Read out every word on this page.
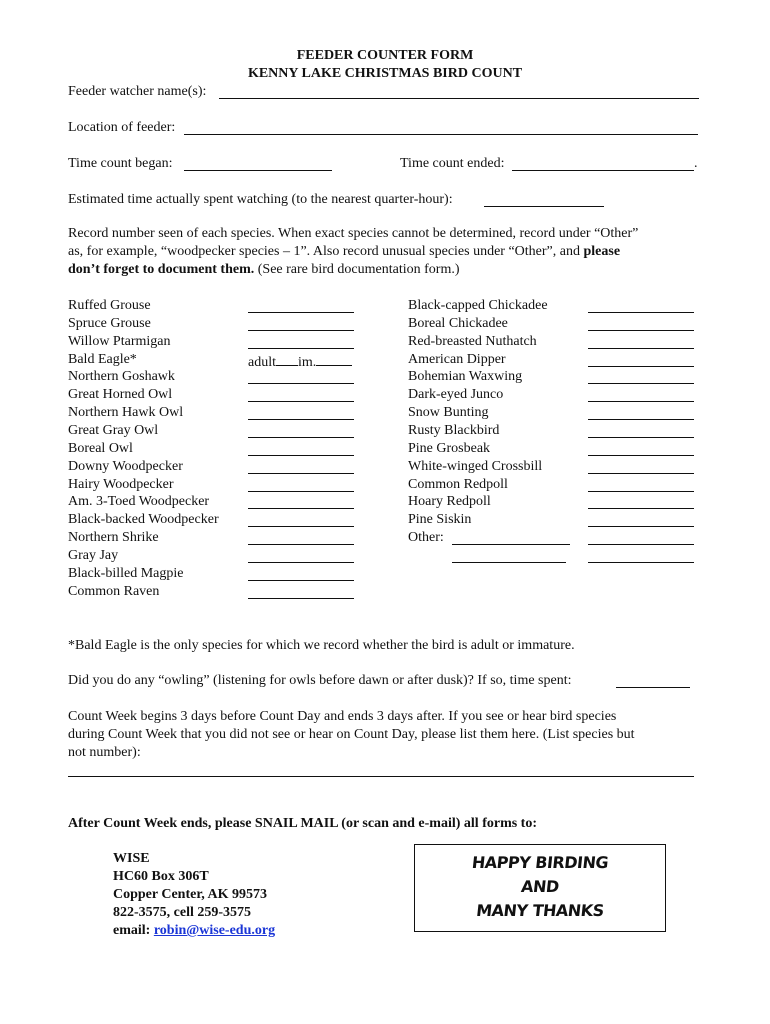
FEEDER COUNTER FORM
KENNY LAKE CHRISTMAS BIRD COUNT
Feeder watcher name(s):
Location of feeder:
Time count began:	Time count ended:	.
Estimated time actually spent watching (to the nearest quarter-hour):
Record number seen of each species. When exact species cannot be determined, record under “Other”
as, for example, “woodpecker species – 1”. Also record unusual species under “Other”, and please
don’t forget to document them. (See rare bird documentation form.)
Ruffed Grouse
Spruce Grouse
Willow Ptarmigan
Bald Eagle*	adult im.
Northern Goshawk
Great Horned Owl
Northern Hawk Owl
Great Gray Owl
Boreal Owl
Downy Woodpecker
Hairy Woodpecker
Am. 3-Toed Woodpecker
Black-backed Woodpecker
Northern Shrike
Gray Jay
Black-billed Magpie
Common Raven
Black-capped Chickadee
Boreal Chickadee
Red-breasted Nuthatch
American Dipper
Bohemian Waxwing
Dark-eyed Junco
Snow Bunting
Rusty Blackbird
Pine Grosbeak
White-winged Crossbill
Common Redpoll
Hoary Redpoll
Pine Siskin
Other:
*Bald Eagle is the only species for which we record whether the bird is adult or immature.
Did you do any “owling” (listening for owls before dawn or after dusk)? If so, time spent:
Count Week begins 3 days before Count Day and ends 3 days after. If you see or hear bird species
during Count Week that you did not see or hear on Count Day, please list them here. (List species but
not number):
After Count Week ends, please SNAIL MAIL (or scan and e-mail) all forms to:
WISE
HC60 Box 306T
Copper Center, AK 99573
822-3575, cell 259-3575
email: robin@wise-edu.org
HAPPY BIRDING
AND
MANY THANKS
